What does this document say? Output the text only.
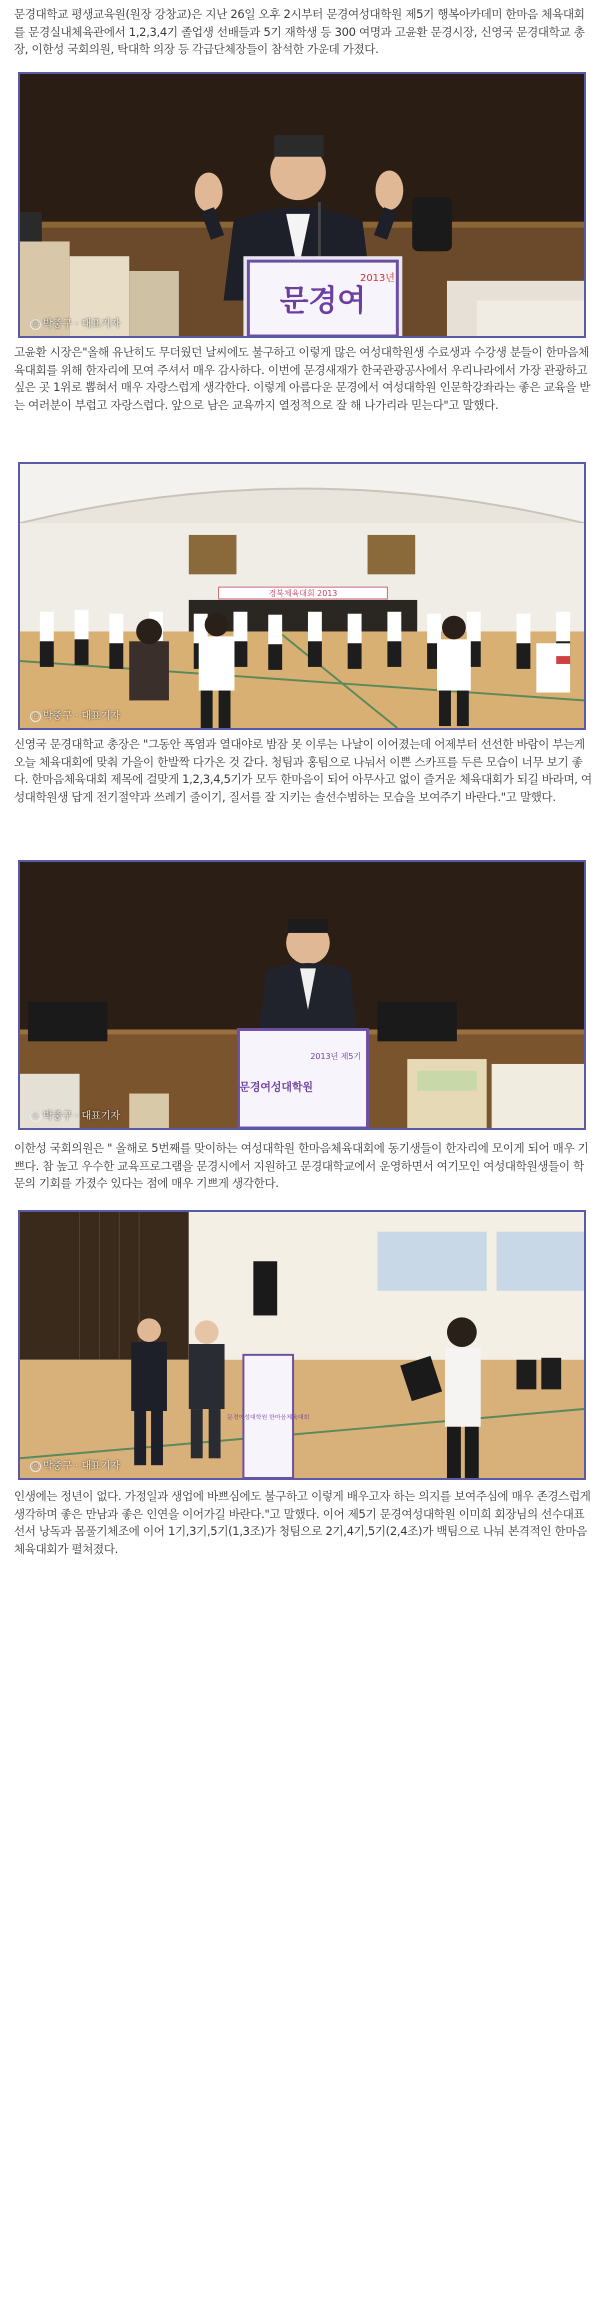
문경대학교 평생교육원(원장 강창교)은 지난 26일 오후 2시부터 문경여성대학원 제5기 행복아카데미 한마음 체육대회를 문경실내체육관에서 1,2,3,4기 졸업생 선배들과 5기 재학생 등 300 여명과 고윤환 문경시장, 신영국 문경대학교 총장, 이한성 국회의원, 탁대학 의장 등 각급단체장들이 참석한 가운데 가졌다.

문경여
2013년
ⓒ 박중구 · 대표기자

고윤환 시장은"올해 유난히도 무더웠던 날씨에도 불구하고 이렇게 많은 여성대학원생 수료생과 수강생 분들이 한마음체육대회를 위해 한자리에 모여 주셔서 매우 감사하다. 이번에 문경새재가 한국관광공사에서 우리나라에서 가장 관광하고 싶은 곳 1위로 뽑혀서 매우 자랑스럽게 생각한다. 이렇게 아름다운 문경에서 여성대학원 인문학강좌라는 좋은 교육을 받는 여러분이 부럽고 자랑스럽다. 앞으로 남은 교육까지 열정적으로 잘 해 나가리라 믿는다"고 말했다.

경북체육대회 2013
ⓒ 박중구 · 대표기자

신영국 문경대학교 총장은 "그동안 폭염과 열대야로 밤잠 못 이루는 나날이 이어졌는데 어제부터 선선한 바람이 부는게 오늘 체육대회에 맞춰 가을이 한발짝 다가온 것 같다. 청팀과 홍팀으로 나눠서 이쁜 스카프를 두른 모습이 너무 보기 좋다. 한마음체육대회 제목에 걸맞게 1,2,3,4,5기가 모두 한마음이 되어 아무사고 없이 즐거운 체육대회가 되길 바라며, 여성대학원생 답게 전기절약과 쓰레기 줄이기, 질서를 잘 지키는 솔선수범하는 모습을 보여주기 바란다."고 말했다.

문경여성대학원
2013년 제5기
ⓒ 박중구 · 대표기자

이한성 국회의원은 " 올해로 5번째를 맞이하는 여성대학원 한마음체육대회에 동기생들이 한자리에 모이게 되어 매우 기쁘다. 참 높고 우수한 교육프로그램을 문경시에서 지원하고 문경대학교에서 운영하면서 여기모인 여성대학원생들이 학문의 기회를 가졌수 있다는 점에 매우 기쁘게 생각한다.

문경여성대학원 한마음체육대회
ⓒ 박중구 · 대표기자

인생에는 정년이 없다. 가정일과 생업에 바쁘심에도 불구하고 이렇게 배우고자 하는 의지를 보여주심에 매우 존경스럽게 생각하며 좋은 만남과 좋은 인연을 이어가길 바란다."고 말했다. 이어 제5기 문경여성대학원 이미희 회장님의 선수대표 선서 낭독과 몸풀기체조에 이어 1기,3기,5기(1,3조)가 청팀으로 2기,4기,5기(2,4조)가 백팀으로 나눠 본격적인 한마음 체육대회가 펼쳐졌다.
